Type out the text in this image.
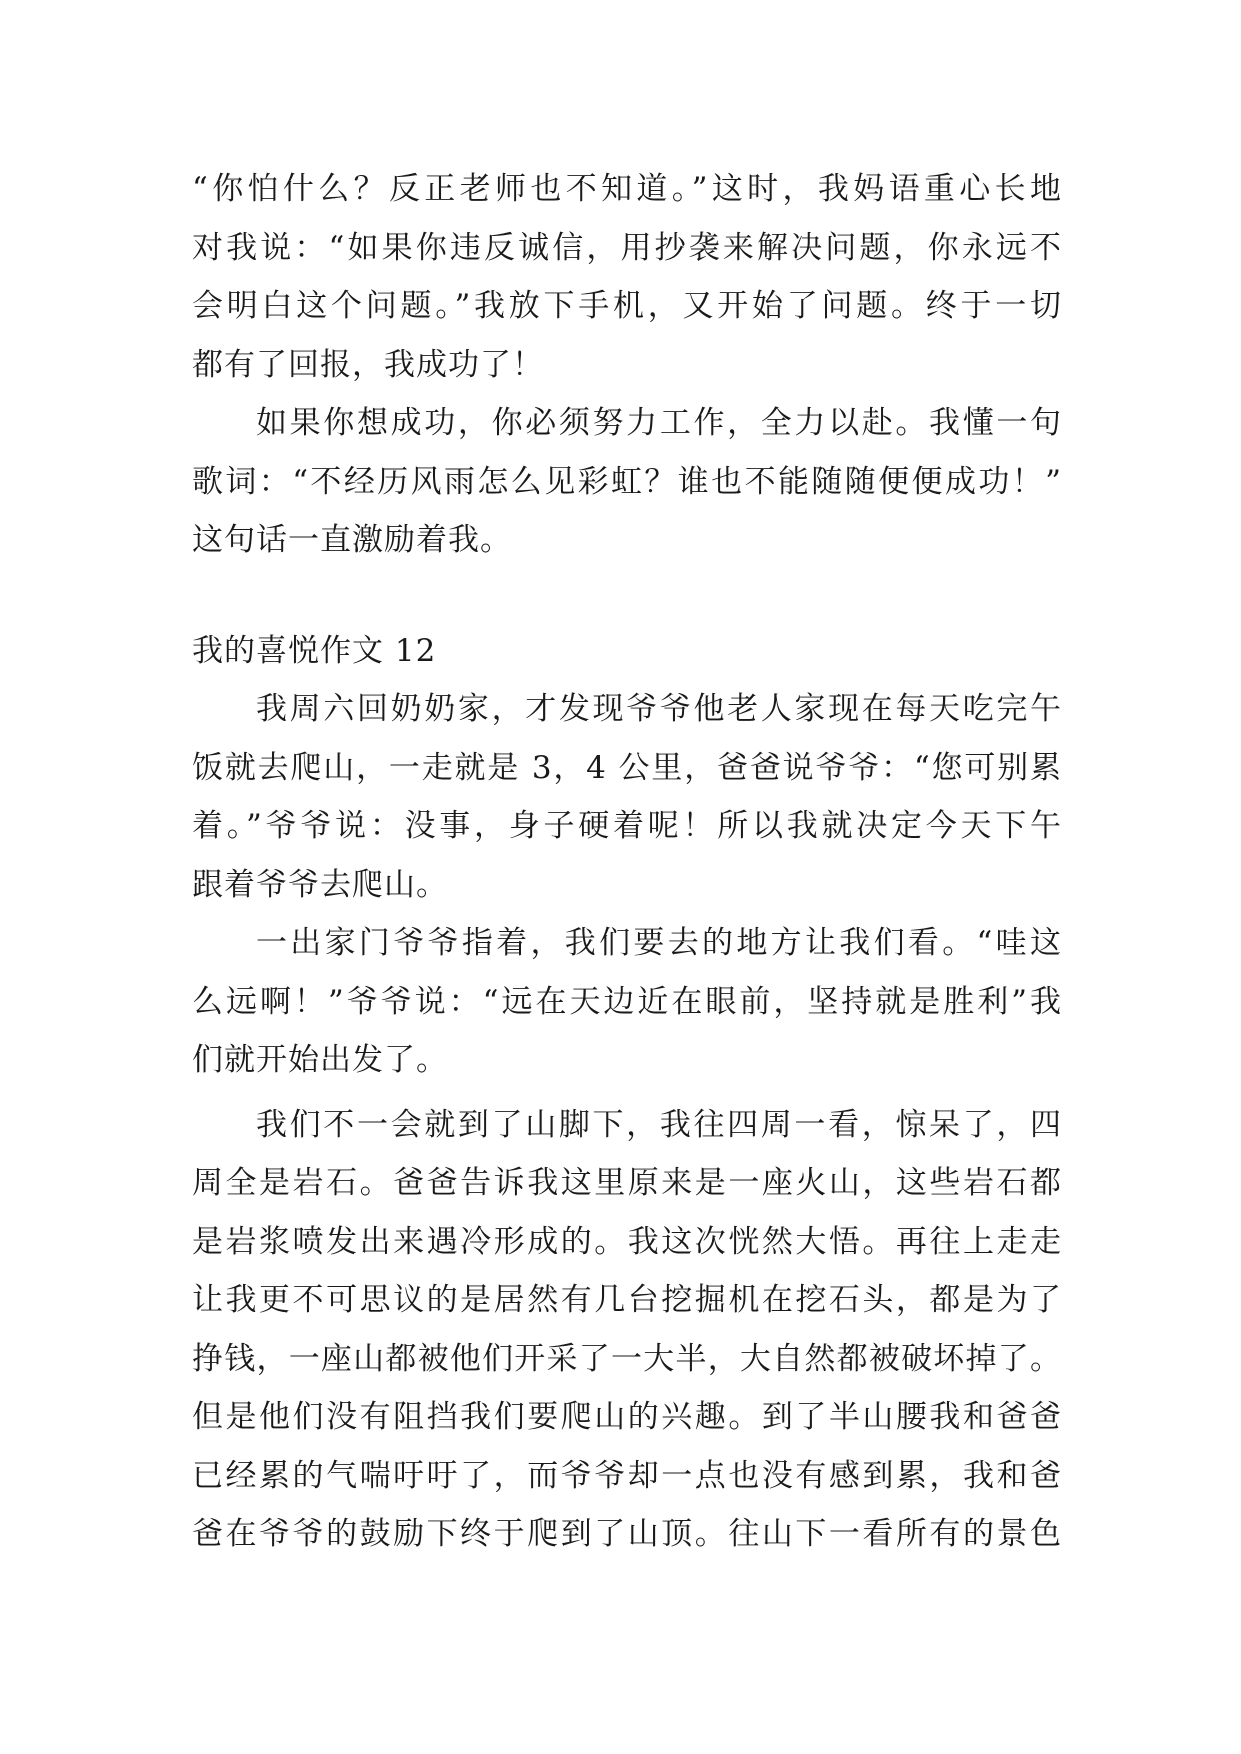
“你怕什么？反正老师也不知道。”这时，我妈语重心长地
对我说：“如果你违反诚信，用抄袭来解决问题，你永远不
会明白这个问题。”我放下手机，又开始了问题。终于一切
都有了回报，我成功了！
如果你想成功，你必须努力工作，全力以赴。我懂一句
歌词：“不经历风雨怎么见彩虹？谁也不能随随便便成功！”
这句话一直激励着我。
我的喜悦作文 12
我周六回奶奶家，才发现爷爷他老人家现在每天吃完午
饭就去爬山，一走就是 3，4 公里，爸爸说爷爷：“您可别累
着。”爷爷说：没事，身子硬着呢！所以我就决定今天下午
跟着爷爷去爬山。
一出家门爷爷指着，我们要去的地方让我们看。“哇这
么远啊！”爷爷说：“远在天边近在眼前，坚持就是胜利”我
们就开始出发了。
我们不一会就到了山脚下，我往四周一看，惊呆了，四
周全是岩石。爸爸告诉我这里原来是一座火山，这些岩石都
是岩浆喷发出来遇冷形成的。我这次恍然大悟。再往上走走
让我更不可思议的是居然有几台挖掘机在挖石头，都是为了
挣钱，一座山都被他们开采了一大半，大自然都被破坏掉了。
但是他们没有阻挡我们要爬山的兴趣。到了半山腰我和爸爸
已经累的气喘吁吁了，而爷爷却一点也没有感到累，我和爸
爸在爷爷的鼓励下终于爬到了山顶。往山下一看所有的景色
